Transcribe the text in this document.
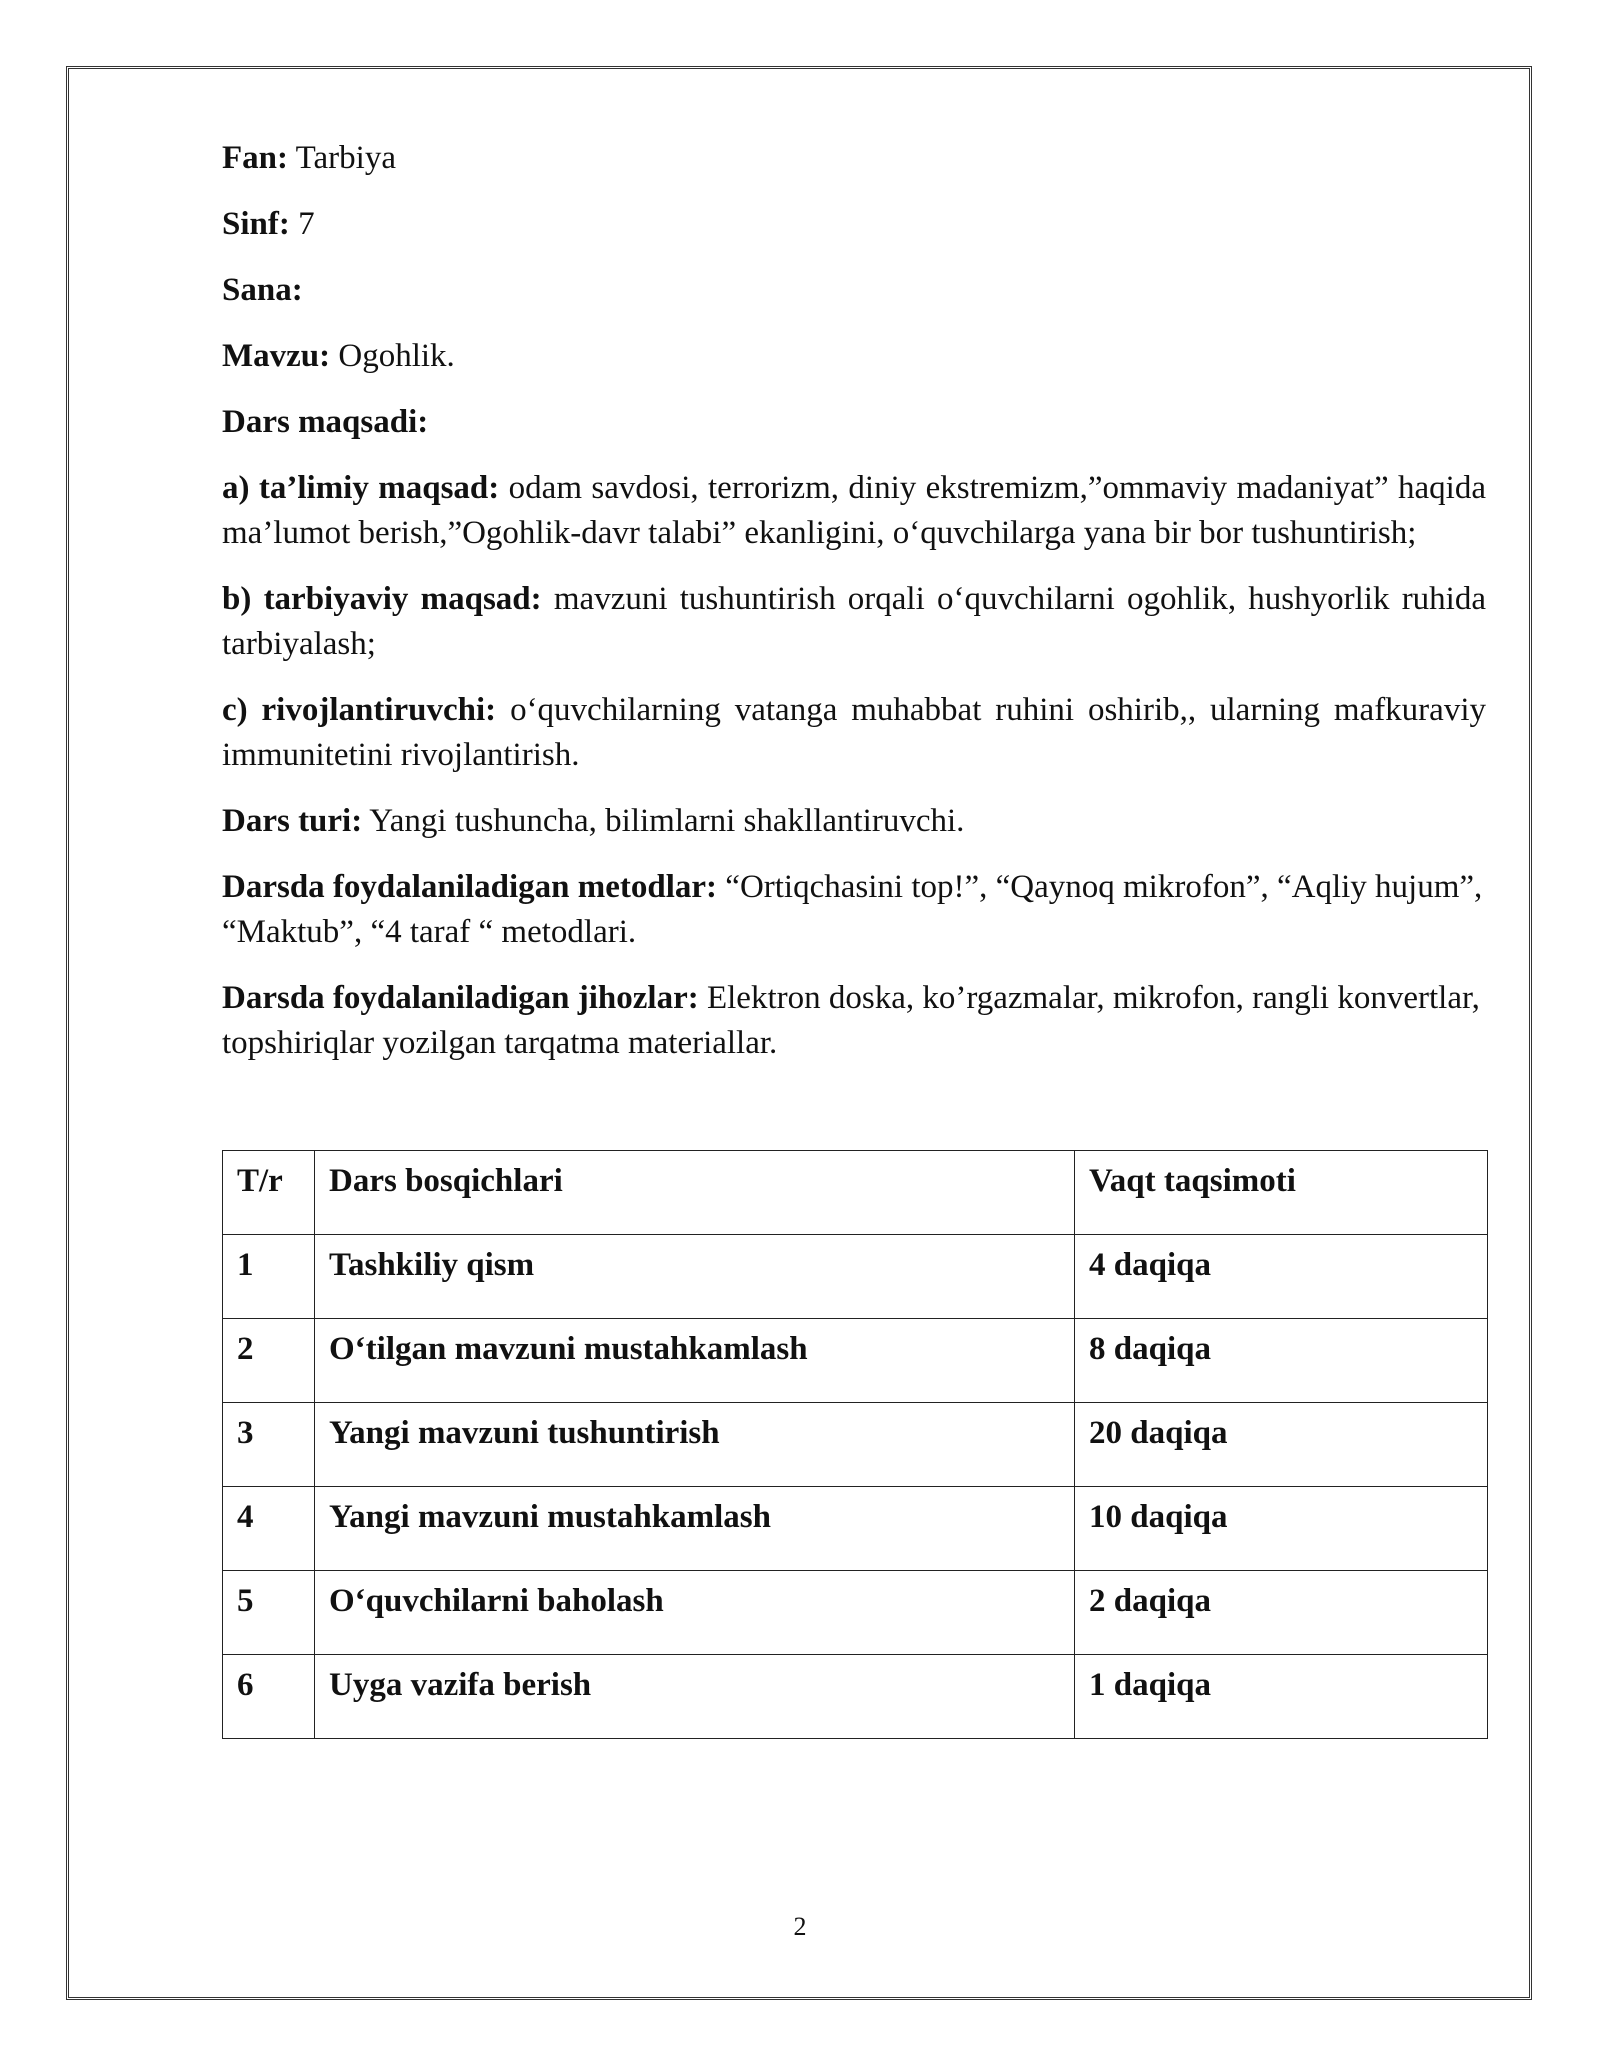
Fan: Tarbiya

Sinf: 7

Sana:

Mavzu: Ogohlik.

Dars maqsadi:

a) ta’limiy maqsad: odam savdosi, terrorizm, diniy ekstremizm,”ommaviy madaniyat” haqida ma’lumot berish,”Ogohlik-davr talabi” ekanligini, o‘quvchilarga yana bir bor tushuntirish;

b) tarbiyaviy maqsad: mavzuni tushuntirish orqali o‘quvchilarni ogohlik, hushyorlik ruhida tarbiyalash;

c) rivojlantiruvchi: o‘quvchilarning vatanga muhabbat ruhini oshirib,, ularning mafkuraviy immunitetini rivojlantirish.

Dars turi: Yangi tushuncha, bilimlarni shakllantiruvchi.

Darsda foydalaniladigan metodlar: “Ortiqchasini top!”, “Qaynoq mikrofon”, “Aqliy hujum”, “Maktub”, “4 taraf “ metodlari.

Darsda foydalaniladigan jihozlar: Elektron doska, ko’rgazmalar, mikrofon, rangli konvertlar, topshiriqlar yozilgan tarqatma materiallar.

T/r	Dars bosqichlari	Vaqt taqsimoti
1	Tashkiliy qism	4 daqiqa
2	O‘tilgan mavzuni mustahkamlash	8 daqiqa
3	Yangi mavzuni tushuntirish	20 daqiqa
4	Yangi mavzuni mustahkamlash	10 daqiqa
5	O‘quvchilarni baholash	2 daqiqa
6	Uyga vazifa berish	1 daqiqa
2
